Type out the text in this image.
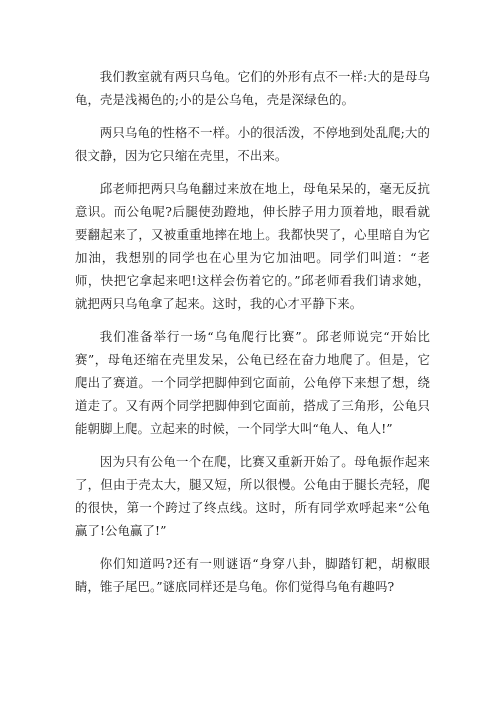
我们教室就有两只乌龟。它们的外形有点不一样:大的是母乌龟，壳是浅褐色的;小的是公乌龟，壳是深绿色的。

两只乌龟的性格不一样。小的很活泼，不停地到处乱爬;大的很文静，因为它只缩在壳里，不出来。

邱老师把两只乌龟翻过来放在地上，母龟呆呆的，毫无反抗意识。而公龟呢?后腿使劲蹬地，伸长脖子用力顶着地，眼看就要翻起来了，又被重重地摔在地上。我都快哭了，心里暗自为它加油，我想别的同学也在心里为它加油吧。同学们叫道：“老师，快把它拿起来吧!这样会伤着它的。”邱老师看我们请求她，就把两只乌龟拿了起来。这时，我的心才平静下来。

我们准备举行一场“乌龟爬行比赛”。邱老师说完“开始比赛”，母龟还缩在壳里发呆，公龟已经在奋力地爬了。但是，它爬出了赛道。一个同学把脚伸到它面前，公龟停下来想了想，绕道走了。又有两个同学把脚伸到它面前，搭成了三角形，公龟只能朝脚上爬。立起来的时候，一个同学大叫“龟人、龟人!”

因为只有公龟一个在爬，比赛又重新开始了。母龟振作起来了，但由于壳太大，腿又短，所以很慢。公龟由于腿长壳轻，爬的很快，第一个跨过了终点线。这时，所有同学欢呼起来“公龟赢了!公龟赢了!”

你们知道吗?还有一则谜语“身穿八卦，脚踏钉耙，胡椒眼睛，锥子尾巴。”谜底同样还是乌龟。你们觉得乌龟有趣吗?
